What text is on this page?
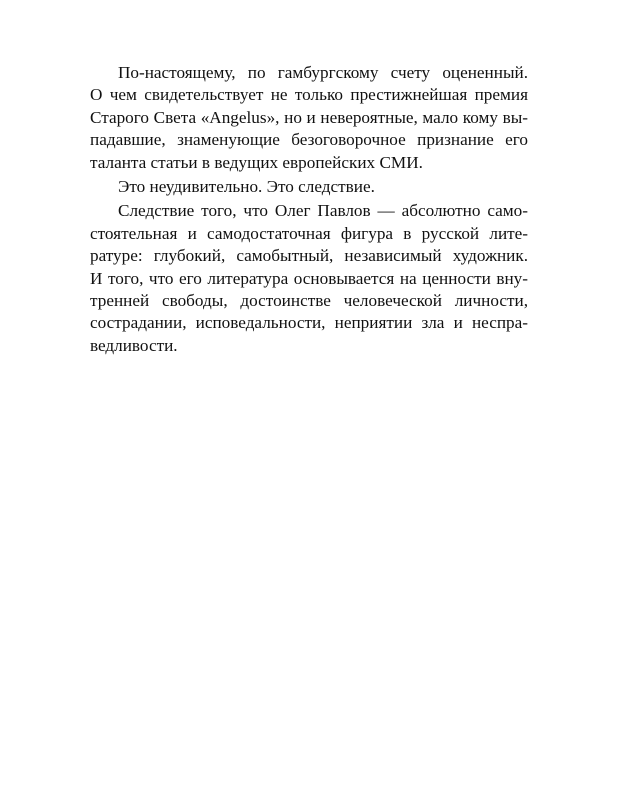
По-настоящему, по гамбургскому счету оцененный.
О чем свидетельствует не только престижнейшая премия
Старого Света «Angelus», но и невероятные, мало кому вы-
падавшие, знаменующие безоговорочное признание его
таланта статьи в ведущих европейских СМИ.
Это неудивительно. Это следствие.
Следствие того, что Олег Павлов — абсолютно само-
стоятельная и самодостаточная фигура в русской лите-
ратуре: глубокий, самобытный, независимый художник.
И того, что его литература основывается на ценности вну-
тренней свободы, достоинстве человеческой личности,
сострадании, исповедальности, неприятии зла и неспра-
ведливости.
